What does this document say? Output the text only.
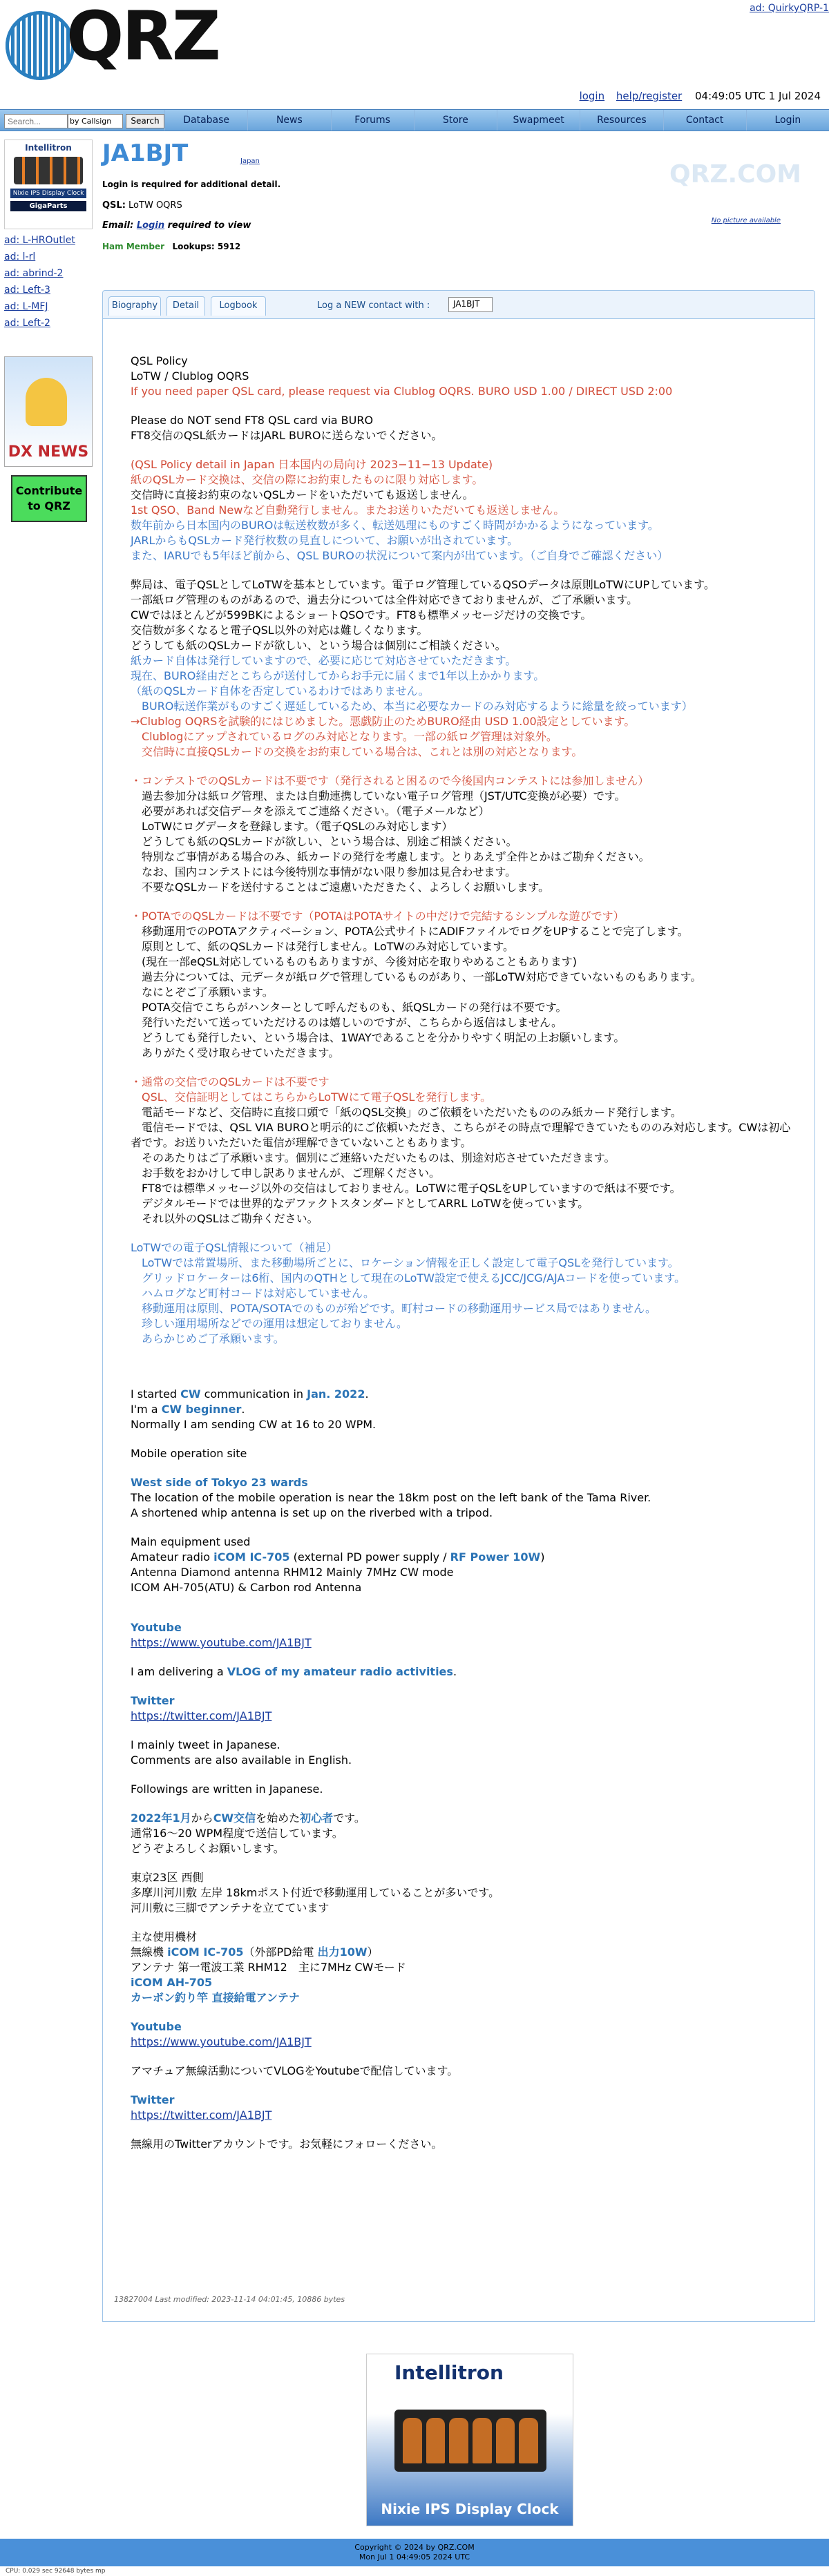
QRZ	ad: QuirkyQRP-1
login help/register 04:49:05 UTC 1 Jul 2024
Search...
by Callsign	Search	Database	News	Forums	Store	Swapmeet	Resources	Contact	Login
Intellitron
Nixie IPS Display Clock
GigaParts
ad: L-HROutlet
ad: l-rl
ad: abrind-2
ad: Left-3
ad: L-MFJ
ad: Left-2
DX NEWS
Contribute to QRZ
JA1BJT	Japan	QRZ.COM
No picture available
Login is required for additional detail.
QSL: LoTW OQRS
Email: Login required to view
Ham Member Lookups: 5912
Biography	Detail	Logbook	Log a NEW contact with :	JA1BJT
QSL Policy
LoTW / Clublog OQRS
If you need paper QSL card, please request via Clublog OQRS. BURO USD 1.00 / DIRECT USD 2:00
Please do NOT send FT8 QSL card via BURO
FT8交信のQSL紙カードはJARL BUROに送らないでください。
(QSL Policy detail in Japan 日本国内の局向け 2023−11−13 Update)
紙のQSLカード交換は、交信の際にお約束したものに限り対応します。
交信時に直接お約束のないQSLカードをいただいても返送しません。
1st QSO、Band Newなど自動発行しません。またお送りいただいても返送しません。
数年前から日本国内のBUROは転送枚数が多く、転送処理にものすごく時間がかかるようになっています。
JARLからもQSLカード発行枚数の見直しについて、お願いが出されています。
また、IARUでも5年ほど前から、QSL BUROの状況について案内が出ています。（ご自身でご確認ください）
弊局は、電子QSLとしてLoTWを基本としています。電子ログ管理しているQSOデータは原則LoTWにUPしています。
一部紙ログ管理のものがあるので、過去分については全件対応できておりませんが、ご了承願います。
CWではほとんどが599BKによるショートQSOです。FT8も標準メッセージだけの交換です。
交信数が多くなると電子QSL以外の対応は難しくなります。
どうしても紙のQSLカードが欲しい、という場合は個別にご相談ください。
紙カード自体は発行していますので、必要に応じて対応させていただきます。
現在、BURO経由だとこちらが送付してからお手元に届くまで1年以上かかります。
（紙のQSLカード自体を否定しているわけではありません。
　BURO転送作業がものすごく遅延しているため、本当に必要なカードのみ対応するように総量を絞っています）
→Clublog OQRSを試験的にはじめました。悪戯防止のためBURO経由 USD 1.00設定としています。
　Clublogにアップされているログのみ対応となります。一部の紙ログ管理は対象外。
　交信時に直接QSLカードの交換をお約束している場合は、これとは別の対応となります。
・コンテストでのQSLカードは不要です（発行されると困るので今後国内コンテストには参加しません）
　過去参加分は紙ログ管理、または自動連携していない電子ログ管理（JST/UTC変換が必要）です。
　必要があれば交信データを添えてご連絡ください。（電子メールなど）
　LoTWにログデータを登録します。（電子QSLのみ対応します）
　どうしても紙のQSLカードが欲しい、という場合は、別途ご相談ください。
　特別なご事情がある場合のみ、紙カードの発行を考慮します。とりあえず全件とかはご勘弁ください。
　なお、国内コンテストには今後特別な事情がない限り参加は見合わせます。
　不要なQSLカードを送付することはご遠慮いただきたく、よろしくお願いします。
・POTAでのQSLカードは不要です（POTAはPOTAサイトの中だけで完結するシンプルな遊びです）
　移動運用でのPOTAアクティベーション、POTA公式サイトにADIFファイルでログをUPすることで完了します。
　原則として、紙のQSLカードは発行しません。LoTWのみ対応しています。
　(現在一部eQSL対応しているものもありますが、今後対応を取りやめることもあります)
　過去分については、元データが紙ログで管理しているものがあり、一部LoTW対応できていないものもあります。
　なにとぞご了承願います。
　POTA交信でこちらがハンターとして呼んだものも、紙QSLカードの発行は不要です。
　発行いただいて送っていただけるのは嬉しいのですが、こちらから返信はしません。
　どうしても発行したい、という場合は、1WAYであることを分かりやすく明記の上お願いします。
　ありがたく受け取らせていただきます。
・通常の交信でのQSLカードは不要です
　QSL、交信証明としてはこちらからLoTWにて電子QSLを発行します。
　電話モードなど、交信時に直接口頭で「紙のQSL交換」のご依頼をいただいたもののみ紙カード発行します。
　電信モードでは、QSL VIA BUROと明示的にご依頼いただき、こちらがその時点で理解できていたもののみ対応します。CWは初心者です。お送りいただいた電信が理解できていないこともあります。
　そのあたりはご了承願います。個別にご連絡いただいたものは、別途対応させていただきます。
　お手数をおかけして申し訳ありませんが、ご理解ください。
　FT8では標準メッセージ以外の交信はしておりません。LoTWに電子QSLをUPしていますので紙は不要です。
　デジタルモードでは世界的なデファクトスタンダードとしてARRL LoTWを使っています。
　それ以外のQSLはご勘弁ください。
LoTWでの電子QSL情報について（補足）
　LoTWでは常置場所、また移動場所ごとに、ロケーション情報を正しく設定して電子QSLを発行しています。
　グリッドロケーターは6桁、国内のQTHとして現在のLoTW設定で使えるJCC/JCG/AJAコードを使っています。
　ハムログなど町村コードは対応していません。
　移動運用は原則、POTA/SOTAでのものが殆どです。町村コードの移動運用サービス局ではありません。
　珍しい運用場所などでの運用は想定しておりません。
　あらかじめご了承願います。
I started CW communication in Jan. 2022.
I'm a CW beginner.
Normally I am sending CW at 16 to 20 WPM.
Mobile operation site
West side of Tokyo 23 wards
The location of the mobile operation is near the 18km post on the left bank of the Tama River.
A shortened whip antenna is set up on the riverbed with a tripod.
Main equipment used
Amateur radio iCOM IC-705 (external PD power supply / RF Power 10W)
Antenna Diamond antenna RHM12 Mainly 7MHz CW mode
ICOM AH-705(ATU) & Carbon rod Antenna
Youtube
https://www.youtube.com/JA1BJT
I am delivering a VLOG of my amateur radio activities.
Twitter
https://twitter.com/JA1BJT
I mainly tweet in Japanese.
Comments are also available in English.
Followings are written in Japanese.
2022年1月からCW交信を始めた初心者です。
通常16〜20 WPM程度で送信しています。
どうぞよろしくお願いします。
東京23区 西側
多摩川河川敷 左岸 18kmポスト付近で移動運用していることが多いです。
河川敷に三脚でアンテナを立てています
主な使用機材
無線機 iCOM IC-705（外部PD給電 出力10W）
アンテナ 第一電波工業 RHM12　主に7MHz CWモード
iCOM AH-705
カーボン釣り竿 直接給電アンテナ
Youtube
https://www.youtube.com/JA1BJT
アマチュア無線活動についてVLOGをYoutubeで配信しています。
Twitter
https://twitter.com/JA1BJT
無線用のTwitterアカウントです。お気軽にフォローください。
13827004 Last modified: 2023-11-14 04:01:45, 10886 bytes
Intellitron
Nixie IPS Display Clock
Copyright © 2024 by QRZ.COM
Mon Jul 1 04:49:05 2024 UTC
CPU: 0.029 sec 92648 bytes mp
